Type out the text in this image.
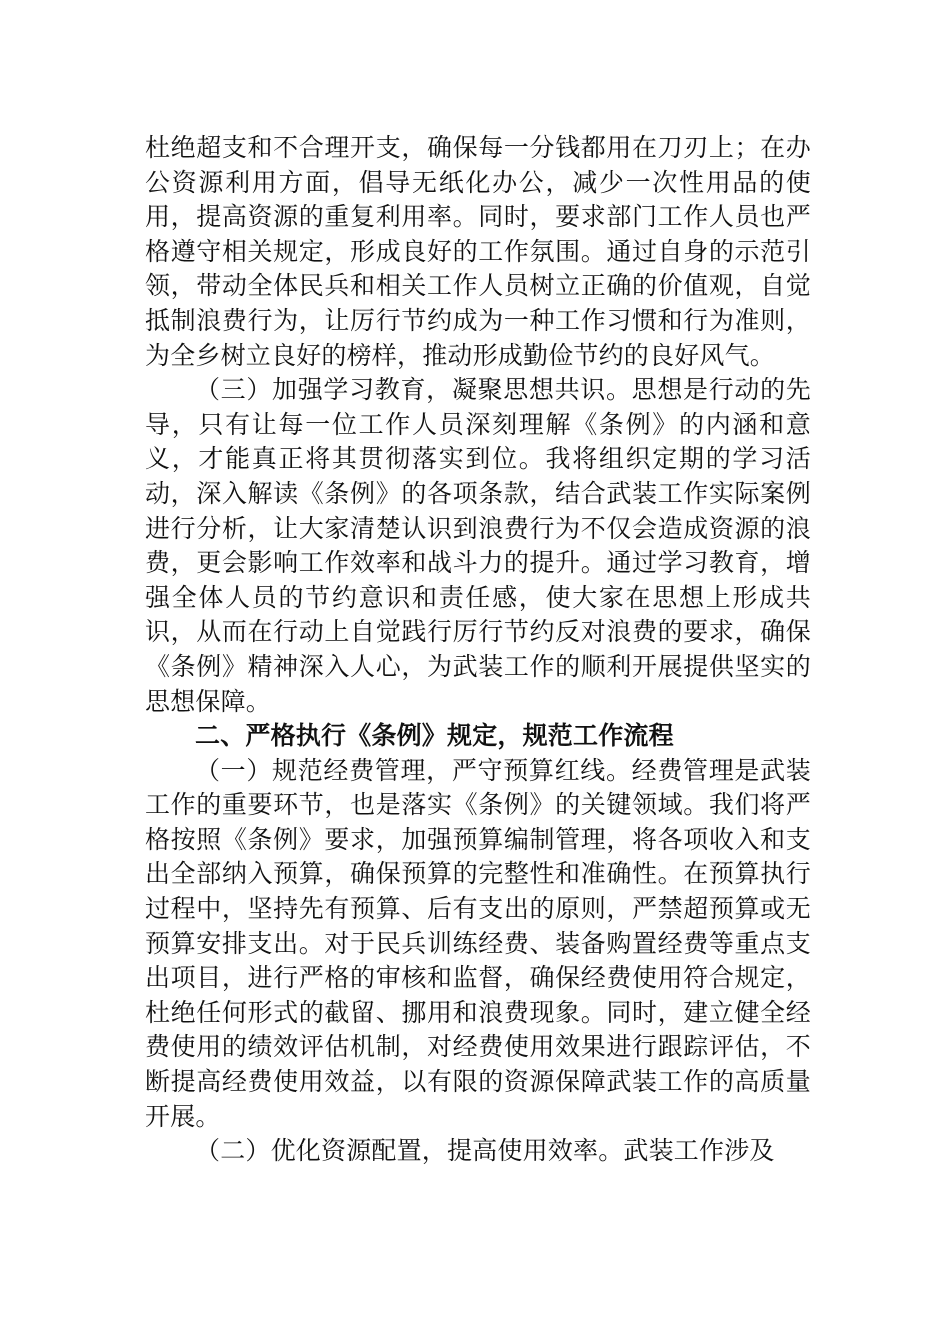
杜绝超支和不合理开支，确保每一分钱都用在刀刃上；在办公资源利用方面，倡导无纸化办公，减少一次性用品的使用，提高资源的重复利用率。同时，要求部门工作人员也严格遵守相关规定，形成良好的工作氛围。通过自身的示范引领，带动全体民兵和相关工作人员树立正确的价值观，自觉抵制浪费行为，让厉行节约成为一种工作习惯和行为准则，为全乡树立良好的榜样，推动形成勤俭节约的良好风气。

（三）加强学习教育，凝聚思想共识。思想是行动的先导，只有让每一位工作人员深刻理解《条例》的内涵和意义，才能真正将其贯彻落实到位。我将组织定期的学习活动，深入解读《条例》的各项条款，结合武装工作实际案例进行分析，让大家清楚认识到浪费行为不仅会造成资源的浪费，更会影响工作效率和战斗力的提升。通过学习教育，增强全体人员的节约意识和责任感，使大家在思想上形成共识，从而在行动上自觉践行厉行节约反对浪费的要求，确保《条例》精神深入人心，为武装工作的顺利开展提供坚实的思想保障。

二、严格执行《条例》规定，规范工作流程

（一）规范经费管理，严守预算红线。经费管理是武装工作的重要环节，也是落实《条例》的关键领域。我们将严格按照《条例》要求，加强预算编制管理，将各项收入和支出全部纳入预算，确保预算的完整性和准确性。在预算执行过程中，坚持先有预算、后有支出的原则，严禁超预算或无预算安排支出。对于民兵训练经费、装备购置经费等重点支出项目，进行严格的审核和监督，确保经费使用符合规定，杜绝任何形式的截留、挪用和浪费现象。同时，建立健全经费使用的绩效评估机制，对经费使用效果进行跟踪评估，不断提高经费使用效益，以有限的资源保障武装工作的高质量开展。

（二）优化资源配置，提高使用效率。武装工作涉及
